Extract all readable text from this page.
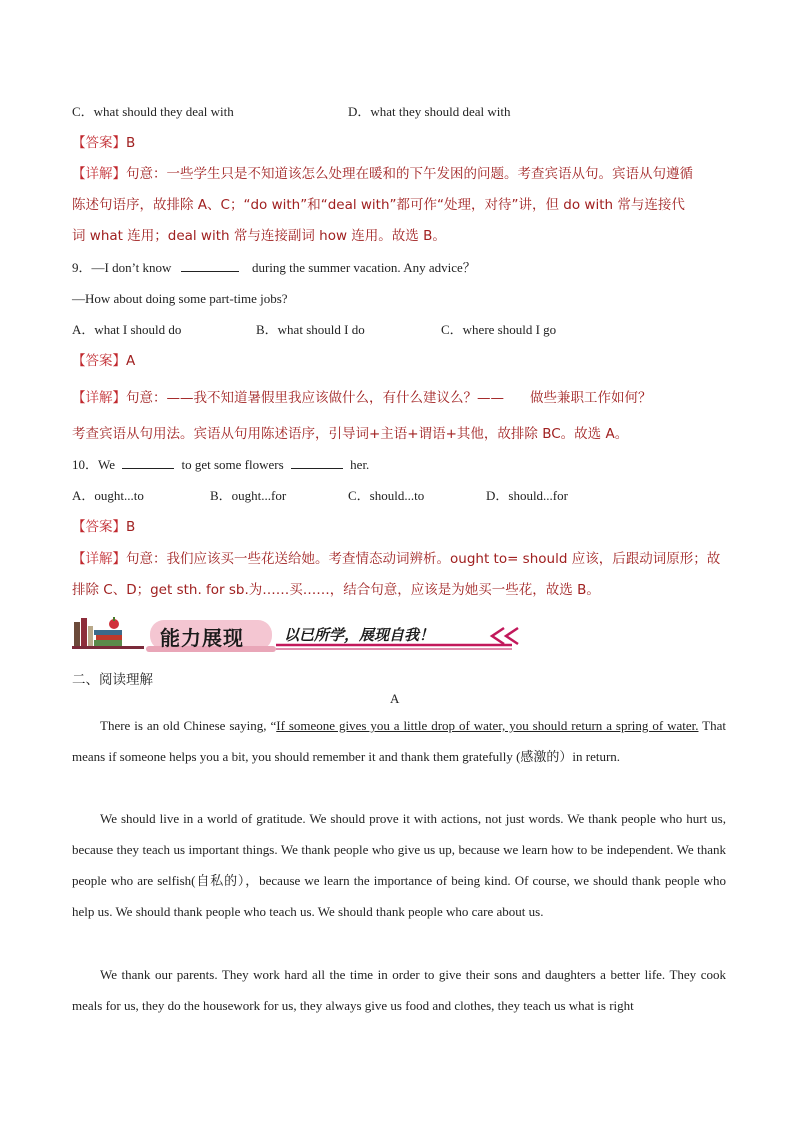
C．what should they deal with	D．what they should deal with
【答案】B
【详解】句意：一些学生只是不知道该怎么处理在暖和的下午发困的问题。考查宾语从句。宾语从句遵循
陈述句语序，故排除 A、C；“do with”和“deal with”都可作“处理，对待”讲，但 do with 常与连接代
词 what 连用；deal with 常与连接副词 how 连用。故选 B。
9．—I don’t know	during the summer vacation. Any advice？
—How about doing some part-time jobs?
A．what I should do	B．what should I do	C．where should I go
【答案】A
【详解】句意：——我不知道暑假里我应该做什么，有什么建议么？—— 做些兼职工作如何？
考查宾语从句用法。宾语从句用陈述语序，引导词+主语+谓语+其他，故排除 BC。故选 A。
10．We	to get some flowers	her.
A．ought...to	B．ought...for	C．should...to	D．should...for
【答案】B
【详解】句意：我们应该买一些花送给她。考查情态动词辨析。ought to= should 应该，后跟动词原形；故
排除 C、D；get sth. for sb.为……买……，结合句意，应该是为她买一些花，故选 B。
能力展现	以已所学，展现自我！
二、阅读理解
A
There is an old Chinese saying, “If someone gives you a little drop of water, you should return a spring of water. That means if someone helps you a bit, you should remember it and thank them gratefully (感激的）in return.
We should live in a world of gratitude. We should prove it with actions, not just words. We thank people who hurt us, because they teach us important things. We thank people who give us up, because we learn how to be independent. We thank people who are selfish(自私的），because we learn the importance of being kind. Of course, we should thank people who help us. We should thank people who teach us. We should thank people who care about us.
We thank our parents. They work hard all the time in order to give their sons and daughters a better life. They cook meals for us, they do the housework for us, they always give us food and clothes, they teach us what is right
